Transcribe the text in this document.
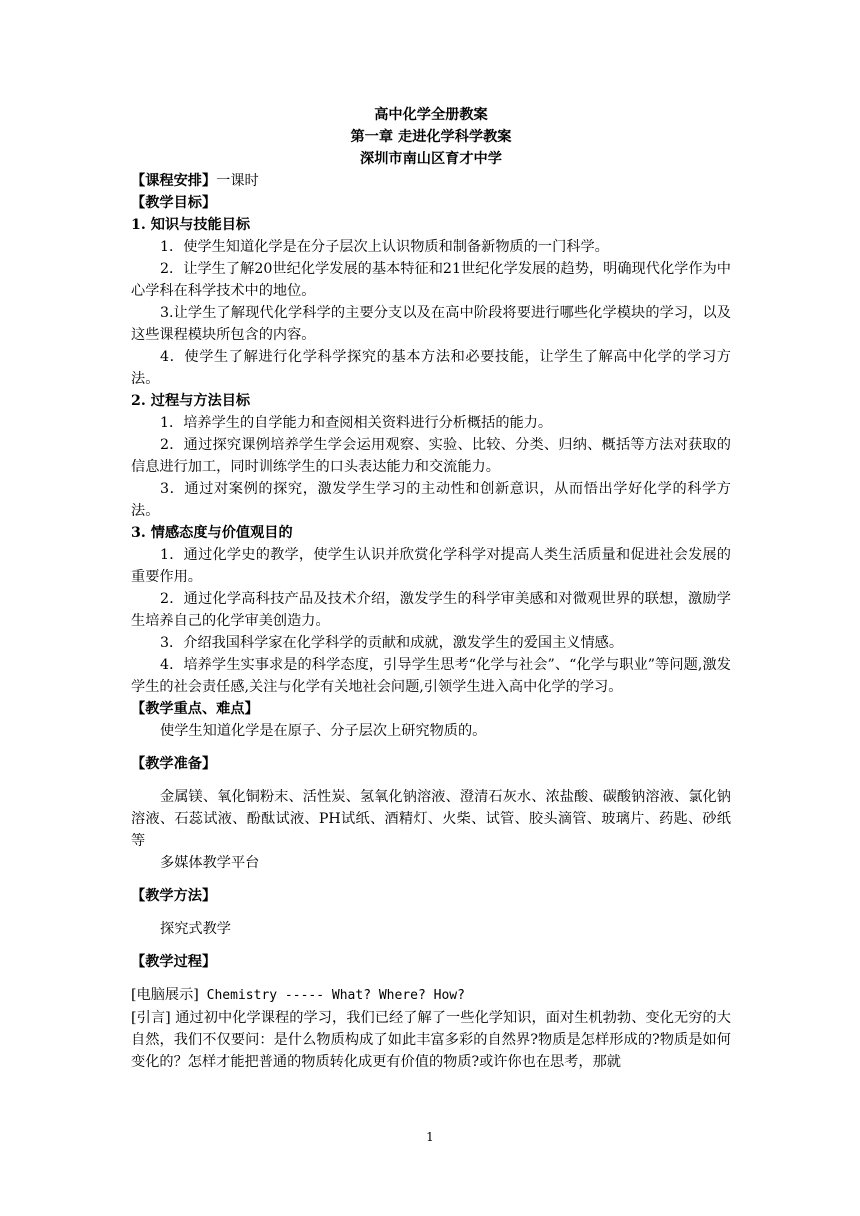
高中化学全册教案

第一章 走进化学科学教案

深圳市南山区育才中学

【课程安排】一课时

【教学目标】

1. 知识与技能目标

1．使学生知道化学是在分子层次上认识物质和制备新物质的一门科学。

2．让学生了解20世纪化学发展的基本特征和21世纪化学发展的趋势，明确现代化学作为中心学科在科学技术中的地位。

3.让学生了解现代化学科学的主要分支以及在高中阶段将要进行哪些化学模块的学习，以及这些课程模块所包含的内容。

4．使学生了解进行化学科学探究的基本方法和必要技能，让学生了解高中化学的学习方法。

2. 过程与方法目标

1．培养学生的自学能力和查阅相关资料进行分析概括的能力。

2．通过探究课例培养学生学会运用观察、实验、比较、分类、归纳、概括等方法对获取的信息进行加工，同时训练学生的口头表达能力和交流能力。

3．通过对案例的探究，激发学生学习的主动性和创新意识，从而悟出学好化学的科学方法。

3. 情感态度与价值观目的

1．通过化学史的教学，使学生认识并欣赏化学科学对提高人类生活质量和促进社会发展的重要作用。

2．通过化学高科技产品及技术介绍，激发学生的科学审美感和对微观世界的联想，激励学生培养自己的化学审美创造力。

3．介绍我国科学家在化学科学的贡献和成就，激发学生的爱国主义情感。

4．培养学生实事求是的科学态度，引导学生思考“化学与社会”、“化学与职业”等问题,激发学生的社会责任感,关注与化学有关地社会问题,引领学生进入高中化学的学习。

【教学重点、难点】

使学生知道化学是在原子、分子层次上研究物质的。

【教学准备】

金属镁、氧化铜粉末、活性炭、氢氧化钠溶液、澄清石灰水、浓盐酸、碳酸钠溶液、氯化钠溶液、石蕊试液、酚酞试液、PH试纸、酒精灯、火柴、试管、胶头滴管、玻璃片、药匙、砂纸等

多媒体教学平台

【教学方法】

探究式教学

【教学过程】

[电脑展示] Chemistry ----- What? Where? How?

[引言] 通过初中化学课程的学习，我们已经了解了一些化学知识，面对生机勃勃、变化无穷的大自然，我们不仅要问：是什么物质构成了如此丰富多彩的自然界?物质是怎样形成的?物质是如何变化的？怎样才能把普通的物质转化成更有价值的物质?或许你也在思考，那就

1
